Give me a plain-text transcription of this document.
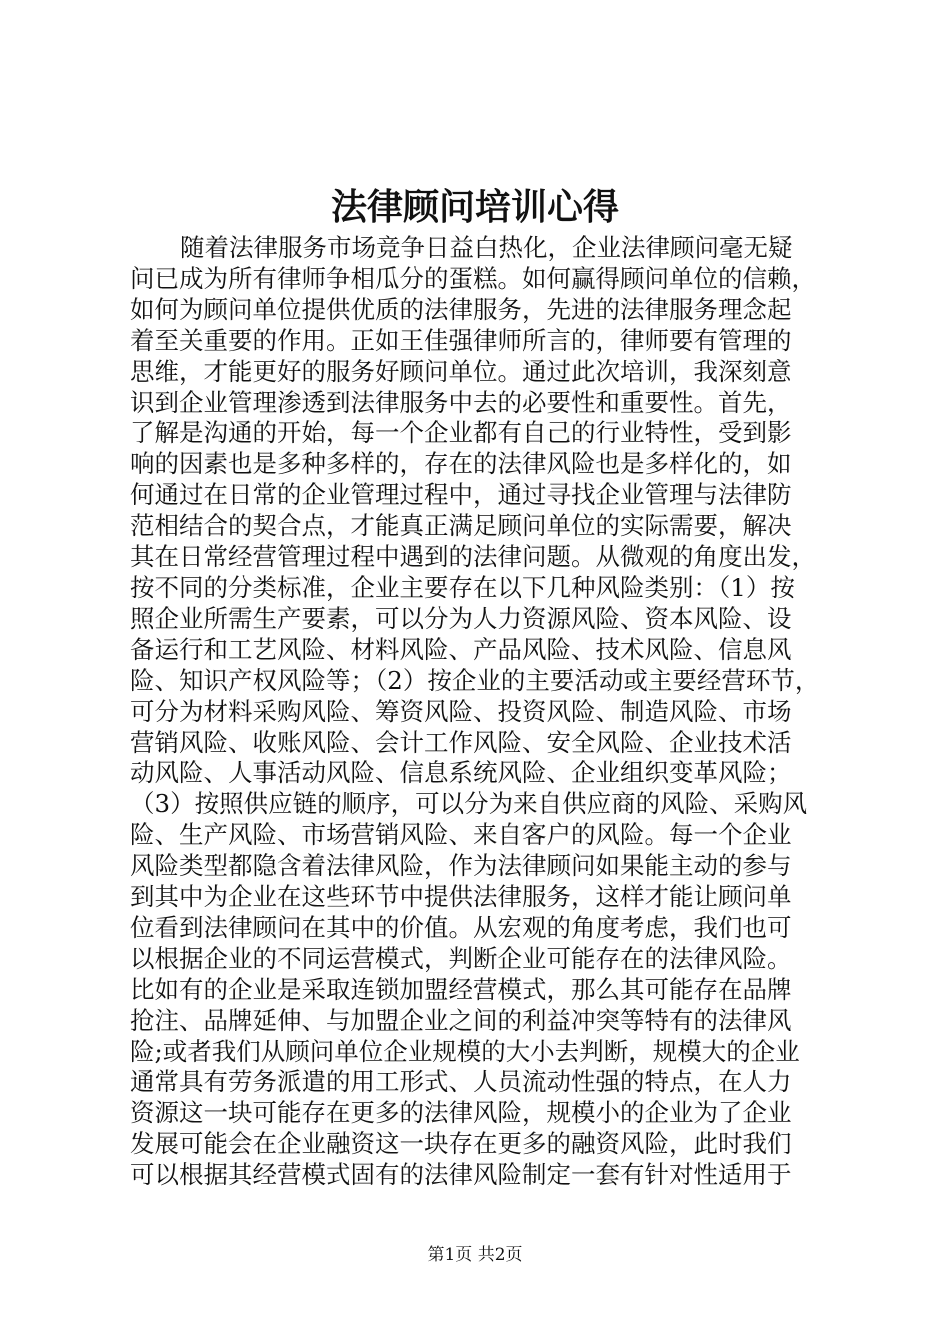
法律顾问培训心得
随着法律服务市场竞争日益白热化，企业法律顾问毫无疑
问已成为所有律师争相瓜分的蛋糕。如何赢得顾问单位的信赖，
如何为顾问单位提供优质的法律服务，先进的法律服务理念起
着至关重要的作用。正如王佳强律师所言的，律师要有管理的
思维，才能更好的服务好顾问单位。通过此次培训，我深刻意
识到企业管理渗透到法律服务中去的必要性和重要性。首先，
了解是沟通的开始，每一个企业都有自己的行业特性，受到影
响的因素也是多种多样的，存在的法律风险也是多样化的，如
何通过在日常的企业管理过程中，通过寻找企业管理与法律防
范相结合的契合点，才能真正满足顾问单位的实际需要，解决
其在日常经营管理过程中遇到的法律问题。从微观的角度出发，
按不同的分类标准，企业主要存在以下几种风险类别：（1）按
照企业所需生产要素，可以分为人力资源风险、资本风险、设
备运行和工艺风险、材料风险、产品风险、技术风险、信息风
险、知识产权风险等；（2）按企业的主要活动或主要经营环节，
可分为材料采购风险、筹资风险、投资风险、制造风险、市场
营销风险、收账风险、会计工作风险、安全风险、企业技术活
动风险、人事活动风险、信息系统风险、企业组织变革风险；
（3）按照供应链的顺序，可以分为来自供应商的风险、采购风
险、生产风险、市场营销风险、来自客户的风险。每一个企业
风险类型都隐含着法律风险，作为法律顾问如果能主动的参与
到其中为企业在这些环节中提供法律服务，这样才能让顾问单
位看到法律顾问在其中的价值。从宏观的角度考虑，我们也可
以根据企业的不同运营模式，判断企业可能存在的法律风险。
比如有的企业是采取连锁加盟经营模式，那么其可能存在品牌
抢注、品牌延伸、与加盟企业之间的利益冲突等特有的法律风
险;或者我们从顾问单位企业规模的大小去判断，规模大的企业
通常具有劳务派遣的用工形式、人员流动性强的特点，在人力
资源这一块可能存在更多的法律风险，规模小的企业为了企业
发展可能会在企业融资这一块存在更多的融资风险，此时我们
可以根据其经营模式固有的法律风险制定一套有针对性适用于
第1页 共2页
